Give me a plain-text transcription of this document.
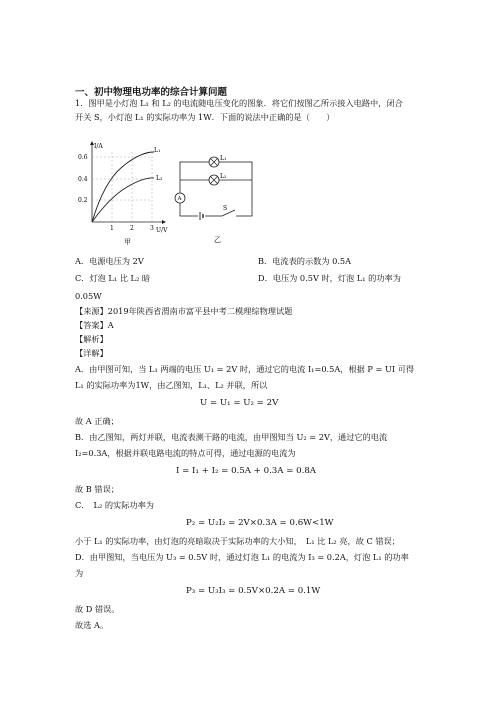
一、初中物理电功率的综合计算问题
1．图甲是小灯泡 L₁ 和 L₂ 的电流随电压变化的图象．将它们按图乙所示接入电路中，闭合
开关 S，小灯泡 L₁ 的实际功率为 1W．下面的说法中正确的是（　　）
I/A
U/V
0.6
0.4
0.2
1	2	3
L₁
L₂
甲
S
L₁
L₂
A
乙
A．电源电压为 2V	B．电流表的示数为 0.5A
C．灯泡 L₁ 比 L₂ 暗	D．电压为 0.5V 时，灯泡 L₁ 的功率为
0.05W
【来源】2019年陕西省渭南市富平县中考二模理综物理试题
【答案】A
【解析】
【详解】
A．由甲图可知，当 L₁ 两端的电压 U₁ = 2V 时，通过它的电流 I₁=0.5A，根据 P = UI 可得
L₁ 的实际功率为1W，由乙图知，L₁、L₂ 并联，所以
U = U₁ = U₂ = 2V
故 A 正确；
B．由乙图知，两灯并联，电流表测干路的电流，由甲图知当 U₂ = 2V，通过它的电流
I₂=0.3A，根据并联电路电流的特点可得，通过电源的电流为
I = I₁ + I₂ = 0.5A + 0.3A = 0.8A
故 B 错误；
C．　L₂ 的实际功率为
P₂ = U₂I₂ = 2V×0.3A = 0.6W<1W
小于 L₁ 的实际功率，由灯泡的亮暗取决于实际功率的大小知，　L₁ 比 L₂ 亮，故 C 错误；
D．由甲图知，当电压为 U₃ = 0.5V 时，通过灯泡 L₁ 的电流为 I₃ = 0.2A，灯泡 L₁ 的功率
为
P₃ = U₃I₃ = 0.5V×0.2A = 0.1W
故 D 错误。
故选 A。
